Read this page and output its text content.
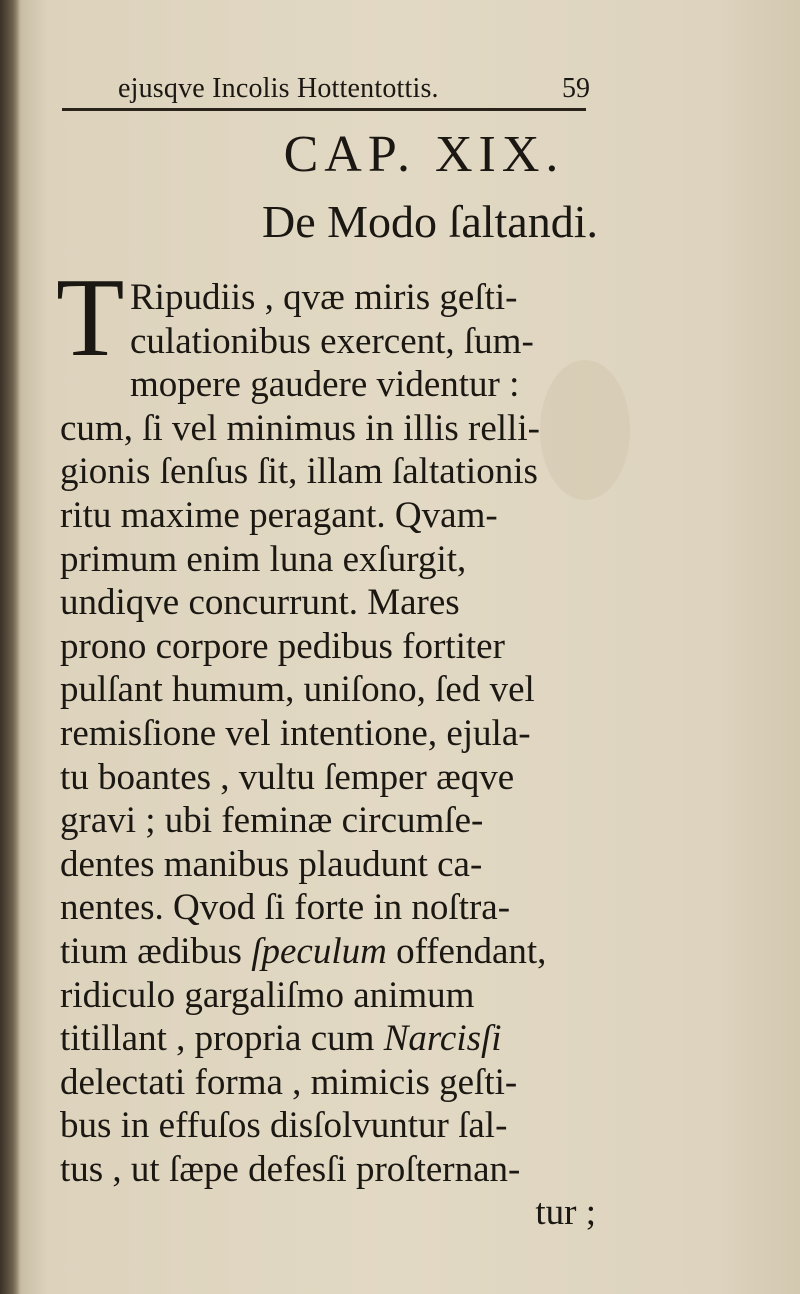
ejusqve Incolis Hottentottis.	59
CAP. XIX.
De Modo ſaltandi.
T Ripudiis , qvæ miris geſti-
culationibus exercent, ſum-
mopere gaudere videntur :
cum, ſi vel minimus in illis relli-
gionis ſenſus ſit, illam ſaltationis
ritu maxime peragant. Qvam-
primum enim luna exſurgit,
undiqve concurrunt. Mares
prono corpore pedibus fortiter
pulſant humum, uniſono, ſed vel
remisſione vel intentione, ejula-
tu boantes , vultu ſemper æqve
gravi ; ubi feminæ circumſe-
dentes manibus plaudunt ca-
nentes. Qvod ſi forte in noſtra-
tium ædibus ſpeculum offendant,
ridiculo gargaliſmo animum
titillant , propria cum Narcisſi
delectati forma , mimicis geſti-
bus in effuſos disſolvuntur ſal-
tus , ut ſæpe defesſi proſternan-
tur ;
